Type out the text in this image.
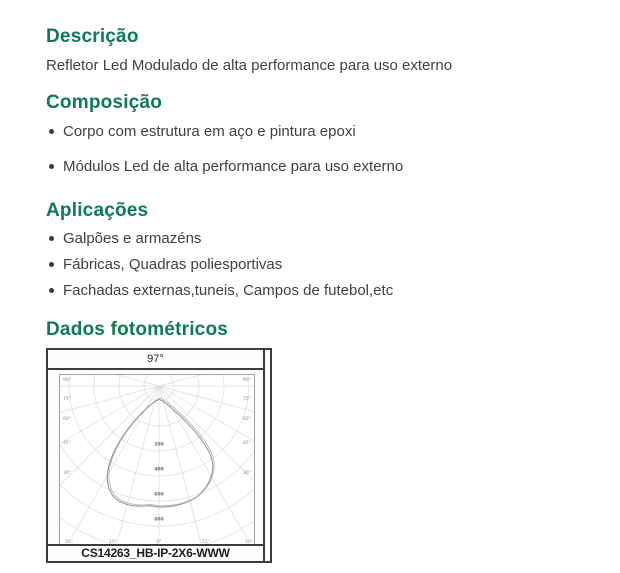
Descrição
Refletor Led Modulado de alta performance para uso externo
Composição
Corpo com estrutura em aço e pintura epoxi
Módulos Led de alta performance para uso externo
Aplicações
Galpões e armazéns
Fábricas, Quadras poliesportivas
Fachadas externas,tuneis, Campos de futebol,etc
Dados fotométricos
97°
200
400
600
800
90°
75°
60°
45°
30°
90°
75°
60°
45°
30°
30°	15°	0°	15°	30°
CS14263_HB-IP-2X6-WWW
